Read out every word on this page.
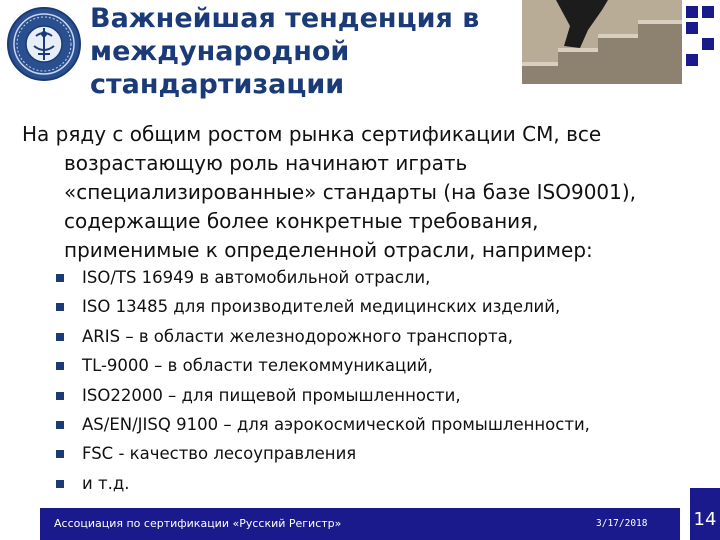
Важнейшая тенденция в
международной
стандартизации

На ряду с общим ростом рынка сертификации СМ, все
возрастающую роль начинают играть
«специализированные» стандарты (на базе ISO9001),
содержащие более конкретные требования,
применимые к определенной отрасли, например:

ISO/TS 16949 в автомобильной отрасли,
ISO 13485 для производителей медицинских изделий,
ARIS – в области железнодорожного транспорта,
TL-9000 – в области телекоммуникаций,
ISO22000 – для пищевой промышленности,
AS/EN/JISQ 9100 – для аэрокосмической промышленности,
FSC - качество лесоуправления
и т.д.
Ассоциация по сертификации «Русский Регистр»	3/17/2018	14
